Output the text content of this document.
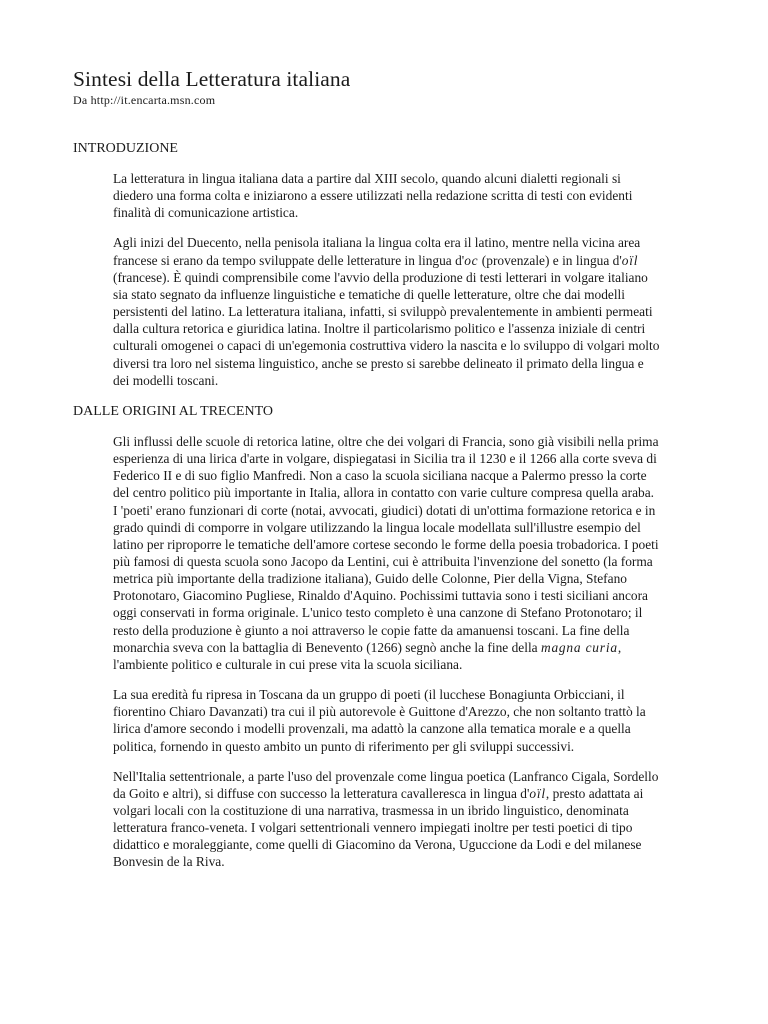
Sintesi della Letteratura italiana
Da http://it.encarta.msn.com
INTRODUZIONE

La letteratura in lingua italiana data a partire dal XIII secolo, quando alcuni dialetti regionali si diedero una forma colta e iniziarono a essere utilizzati nella redazione scritta di testi con evidenti finalità di comunicazione artistica.

Agli inizi del Duecento, nella penisola italiana la lingua colta era il latino, mentre nella vicina area francese si erano da tempo sviluppate delle letterature in lingua d'oc (provenzale) e in lingua d'oïl (francese). È quindi comprensibile come l'avvio della produzione di testi letterari in volgare italiano sia stato segnato da influenze linguistiche e tematiche di quelle letterature, oltre che dai modelli persistenti del latino. La letteratura italiana, infatti, si sviluppò prevalentemente in ambienti permeati dalla cultura retorica e giuridica latina. Inoltre il particolarismo politico e l'assenza iniziale di centri culturali omogenei o capaci di un'egemonia costruttiva videro la nascita e lo sviluppo di volgari molto diversi tra loro nel sistema linguistico, anche se presto si sarebbe delineato il primato della lingua e dei modelli toscani.

DALLE ORIGINI AL TRECENTO

Gli influssi delle scuole di retorica latine, oltre che dei volgari di Francia, sono già visibili nella prima esperienza di una lirica d'arte in volgare, dispiegatasi in Sicilia tra il 1230 e il 1266 alla corte sveva di Federico II e di suo figlio Manfredi. Non a caso la scuola siciliana nacque a Palermo presso la corte del centro politico più importante in Italia, allora in contatto con varie culture compresa quella araba. I 'poeti' erano funzionari di corte (notai, avvocati, giudici) dotati di un'ottima formazione retorica e in grado quindi di comporre in volgare utilizzando la lingua locale modellata sull'illustre esempio del latino per riproporre le tematiche dell'amore cortese secondo le forme della poesia trobadorica. I poeti più famosi di questa scuola sono Jacopo da Lentini, cui è attribuita l'invenzione del sonetto (la forma metrica più importante della tradizione italiana), Guido delle Colonne, Pier della Vigna, Stefano Protonotaro, Giacomino Pugliese, Rinaldo d'Aquino. Pochissimi tuttavia sono i testi siciliani ancora oggi conservati in forma originale. L'unico testo completo è una canzone di Stefano Protonotaro; il resto della produzione è giunto a noi attraverso le copie fatte da amanuensi toscani. La fine della monarchia sveva con la battaglia di Benevento (1266) segnò anche la fine della magna curia, l'ambiente politico e culturale in cui prese vita la scuola siciliana.

La sua eredità fu ripresa in Toscana da un gruppo di poeti (il lucchese Bonagiunta Orbicciani, il fiorentino Chiaro Davanzati) tra cui il più autorevole è Guittone d'Arezzo, che non soltanto trattò la lirica d'amore secondo i modelli provenzali, ma adattò la canzone alla tematica morale e a quella politica, fornendo in questo ambito un punto di riferimento per gli sviluppi successivi.

Nell'Italia settentrionale, a parte l'uso del provenzale come lingua poetica (Lanfranco Cigala, Sordello da Goito e altri), si diffuse con successo la letteratura cavalleresca in lingua d'oïl, presto adattata ai volgari locali con la costituzione di una narrativa, trasmessa in un ibrido linguistico, denominata letteratura franco-veneta. I volgari settentrionali vennero impiegati inoltre per testi poetici di tipo didattico e moraleggiante, come quelli di Giacomino da Verona, Uguccione da Lodi e del milanese Bonvesin de la Riva.
